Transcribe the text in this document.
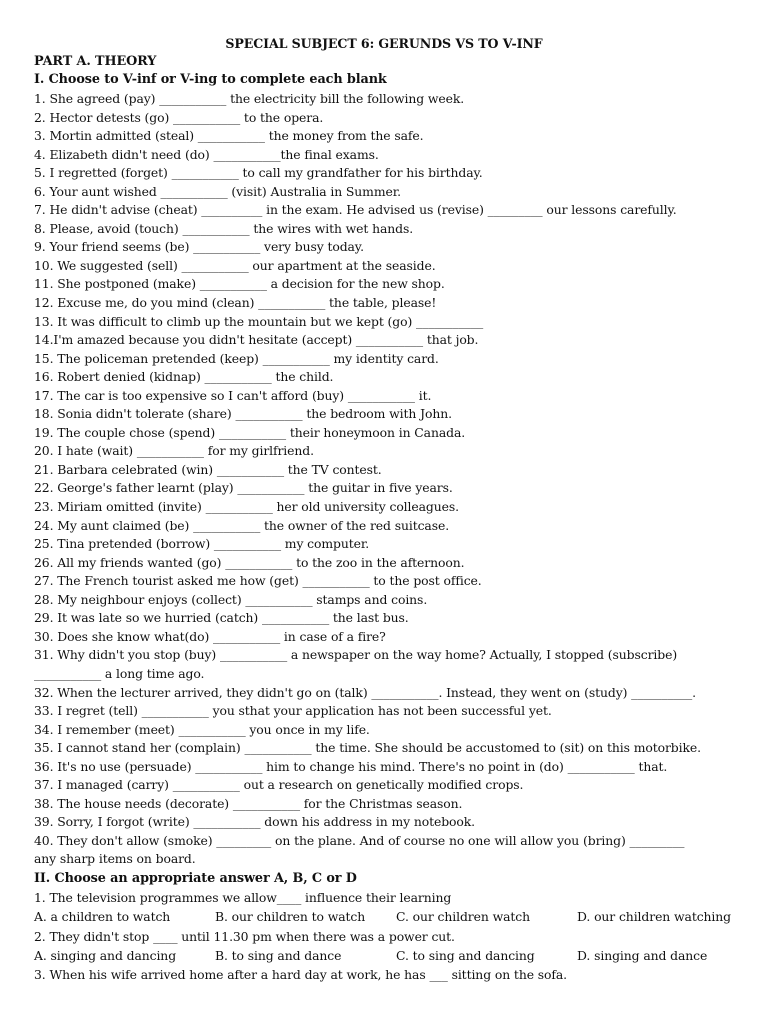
SPECIAL SUBJECT 6: GERUNDS VS TO V-INF
PART A. THEORY
I. Choose to V-inf or V-ing to complete each blank
1. She agreed (pay) ___________ the electricity bill the following week.
2. Hector detests (go) ___________ to the opera.
3. Mortin admitted (steal) ___________ the money from the safe.
4. Elizabeth didn't need (do) ___________the final exams.
5. I regretted (forget) ___________ to call my grandfather for his birthday.
6. Your aunt wished ___________ (visit) Australia in Summer.
7. He didn't advise (cheat) __________ in the exam. He advised us (revise) _________ our lessons carefully.
8. Please, avoid (touch) ___________ the wires with wet hands.
9. Your friend seems (be) ___________ very busy today.
10. We suggested (sell) ___________ our apartment at the seaside.
11. She postponed (make) ___________ a decision for the new shop.
12. Excuse me, do you mind (clean) ___________ the table, please!
13. It was difficult to climb up the mountain but we kept (go) ___________
14.I'm amazed because you didn't hesitate (accept) ___________ that job.
15. The policeman pretended (keep) ___________ my identity card.
16. Robert denied (kidnap) ___________ the child.
17. The car is too expensive so I can't afford (buy) ___________ it.
18. Sonia didn't tolerate (share) ___________ the bedroom with John.
19. The couple chose (spend) ___________ their honeymoon in Canada.
20. I hate (wait) ___________ for my girlfriend.
21. Barbara celebrated (win) ___________ the TV contest.
22. George's father learnt (play) ___________ the guitar in five years.
23. Miriam omitted (invite) ___________ her old university colleagues.
24. My aunt claimed (be) ___________ the owner of the red suitcase.
25. Tina pretended (borrow) ___________ my computer.
26. All my friends wanted (go) ___________ to the zoo in the afternoon.
27. The French tourist asked me how (get) ___________ to the post office.
28. My neighbour enjoys (collect) ___________ stamps and coins.
29. It was late so we hurried (catch) ___________ the last bus.
30. Does she know what(do) ___________ in case of a fire?
31. Why didn't you stop (buy) ___________ a newspaper on the way home? Actually, I stopped (subscribe)
___________ a long time ago.
32. When the lecturer arrived, they didn't go on (talk) ___________. Instead, they went on (study) __________.
33. I regret (tell) ___________ you sthat your application has not been successful yet.
34. I remember (meet) ___________ you once in my life.
35. I cannot stand her (complain) ___________ the time. She should be accustomed to (sit) on this motorbike.
36. It's no use (persuade) ___________ him to change his mind. There's no point in (do) ___________ that.
37. I managed (carry) ___________ out a research on genetically modified crops.
38. The house needs (decorate) ___________ for the Christmas season.
39. Sorry, I forgot (write) ___________ down his address in my notebook.
40. They don't allow (smoke) _________ on the plane. And of course no one will allow you (bring) _________
any sharp items on board.
II. Choose an appropriate answer A, B, C or D
1. The television programmes we allow____ influence their learning
A. a children to watch	B. our children to watch C. our children watch	D. our children watching
2. They didn't stop ____ until 11.30 pm when there was a power cut.
A. singing and dancing	B. to sing and dance	C. to sing and dancing	D. singing and dance
3. When his wife arrived home after a hard day at work, he has ___ sitting on the sofa.
